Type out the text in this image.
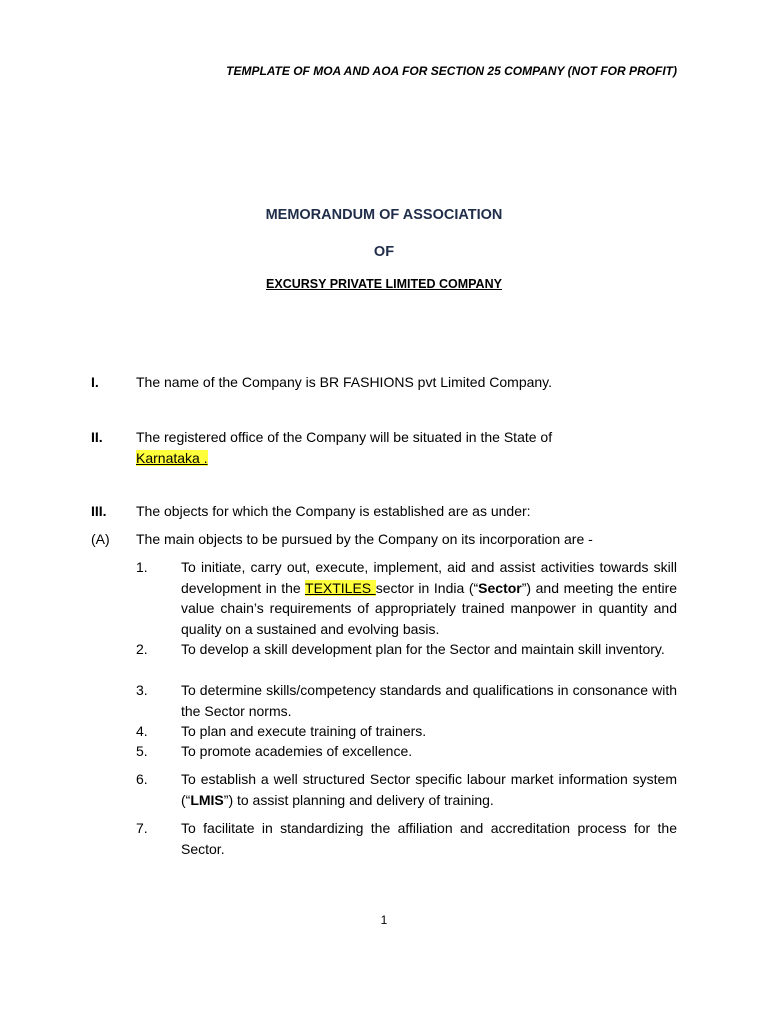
TEMPLATE OF MOA AND AOA FOR SECTION 25 COMPANY (NOT FOR PROFIT)
MEMORANDUM OF ASSOCIATION
OF
EXCURSY PRIVATE LIMITED COMPANY
I.	The name of the Company is BR FASHIONS pvt Limited Company.
II. The registered office of the Company will be situated in the State of
Karnataka .
III. The objects for which the Company is established are as under:
(A) The main objects to be pursued by the Company on its incorporation are -
1. To initiate, carry out, execute, implement, aid and assist activities towards skill development in the TEXTILES sector in India (“Sector”) and meeting the entire value chain’s requirements of appropriately trained manpower in quantity and quality on a sustained and evolving basis.
2. To develop a skill development plan for the Sector and maintain skill inventory.
3. To determine skills/competency standards and qualifications in consonance with the Sector norms.
4. To plan and execute training of trainers.
5. To promote academies of excellence.
6. To establish a well structured Sector specific labour market information system (“LMIS”) to assist planning and delivery of training.
7. To facilitate in standardizing the affiliation and accreditation process for the Sector.
1
